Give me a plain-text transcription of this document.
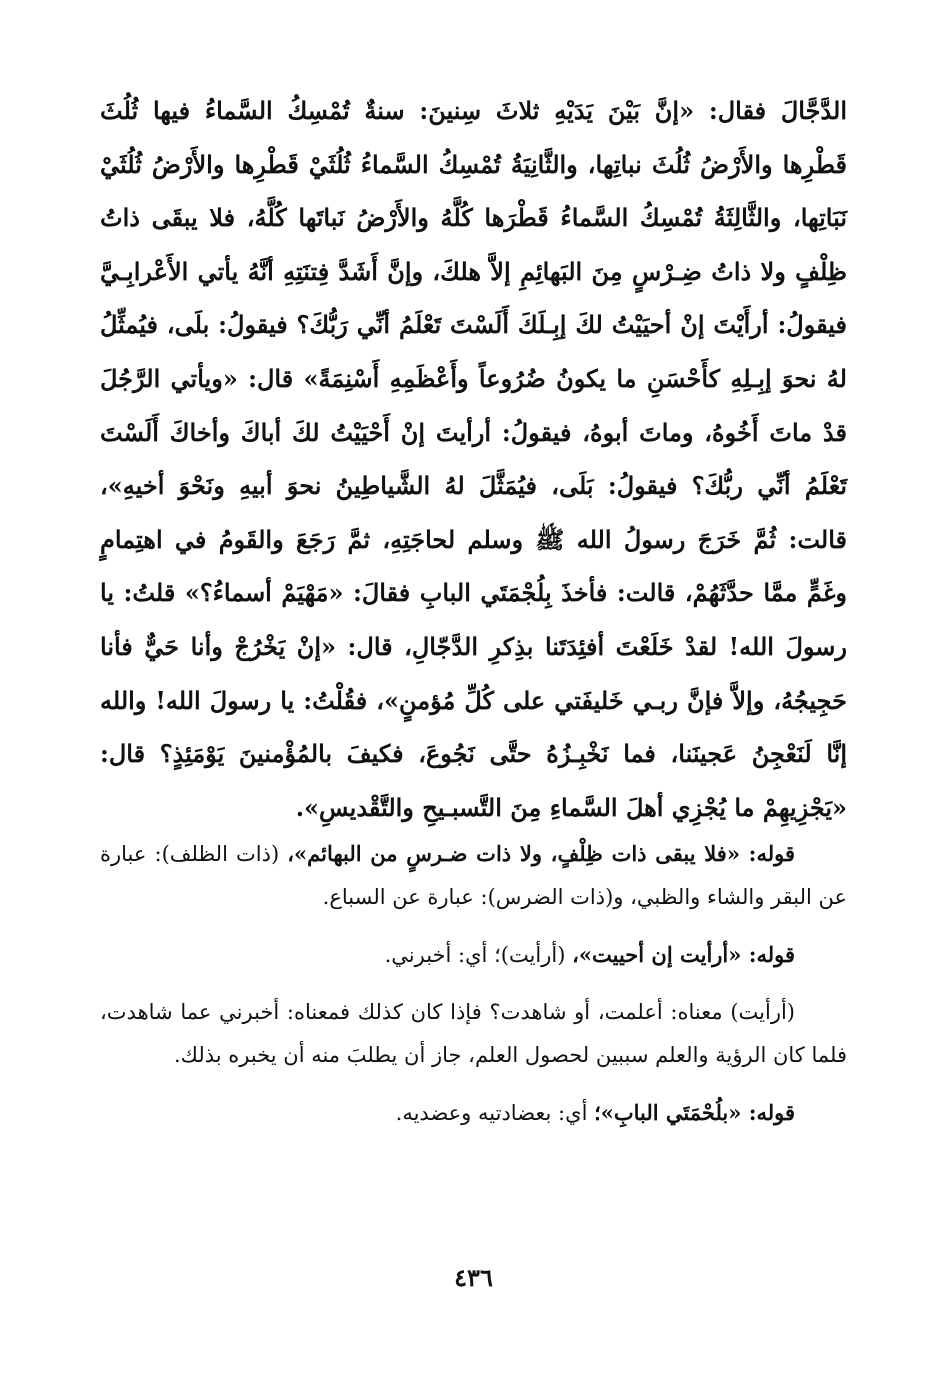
الدَّجَّالَ فقال: «إنَّ بَيْنَ يَدَيْهِ ثلاثَ سِنينَ: سنةٌ تُمْسِكُ السَّماءُ فيها ثُلُثَ قَطْرِها والأَرْضُ ثُلُثَ نباتِها، والثَّانِيَةُ تُمْسِكُ السَّماءُ ثُلُثَيْ قَطْرِها والأَرْضُ ثُلُثَيْ نَبَاتِها، والثَّالِثَةُ تُمْسِكُ السَّماءُ قَطْرَها كُلَّهُ والأَرْضُ نَباتَها كُلَّهُ، فلا يبقَى ذاتُ ظِلْفٍ ولا ذاتُ ضِـرْسٍ مِنَ البَهائِمِ إلاَّ هلكَ، وإنَّ أَشَدَّ فِتنَتِهِ أنَّهُ يأتي الأَعْرابِـيَّ فيقولُ: أرأَيْتَ إنْ أحيَيْتُ لكَ إبِـلَكَ أَلَسْتَ تَعْلَمُ أنِّي رَبُّكَ؟ فيقولُ: بلَى، فيُمثِّلُ لهُ نحوَ إبِـلِهِ كأَحْسَنِ ما يكونُ ضُرُوعاً وأَعْظَمِهِ أَسْنِمَةً» قال: «ويأتي الرَّجُلَ قدْ ماتَ أَخُوهُ، وماتَ أبوهُ، فيقولُ: أرأيتَ إنْ أَحْيَيْتُ لكَ أباكَ وأخاكَ أَلَسْتَ تَعْلَمُ أنِّي ربُّكَ؟ فيقولُ: بَلَى، فيُمَثَّلَ لهُ الشَّياطِينُ نحوَ أبيهِ ونَحْوَ أخيهِ»، قالت: ثُمَّ خَرَجَ رسولُ الله ﷺ وسلم لحاجَتِهِ، ثمَّ رَجَعَ والقَومُ في اهتِمامٍ وغَمٍّ ممَّا حدَّثَهُمْ، قالت: فأخذَ بِلُجْمَتَي البابِ فقالَ: «مَهْيَمْ أسماءُ؟» قلتُ: يا رسولَ الله! لقدْ خَلَعْتَ أفئِدَتَنا بذِكرِ الدَّجّالِ، قال: «إنْ يَخْرُجْ وأنا حَيٌّ فأنا حَجِيجُهُ، وإلاَّ فإنَّ ربـي خَليفَتي على كُلِّ مُؤمنٍ»، فقُلْتُ: يا رسولَ الله! والله إنَّا لَنَعْجِنُ عَجينَنا، فما نَخْبِـزُهُ حتَّى نَجُوعَ، فكيفَ بالمُؤْمنينَ يَوْمَئِذٍ؟ قال: «يَجْزِيهِمْ ما يُجْزِي أهلَ السَّماءِ مِنَ التَّسبـيحِ والتَّقْديسِ».

قوله: «فلا يبقى ذات ظِلْفٍ، ولا ذات ضـرسٍ من البهائم»، (ذات الظلف): عبارة عن البقر والشاء والظبي، و(ذات الضرس): عبارة عن السباع.

قوله: «أرأيت إن أحييت»، (أرأيت)؛ أي: أخبرني.

(أرأيت) معناه: أعلمت، أو شاهدت؟ فإذا كان كذلك فمعناه: أخبرني عما شاهدت، فلما كان الرؤية والعلم سببين لحصول العلم، جاز أن يطلبَ منه أن يخبره بذلك.

قوله: «بلُحْمَتَي البابِ»؛ أي: بعضادتيه وعضديه.

٤٣٦
